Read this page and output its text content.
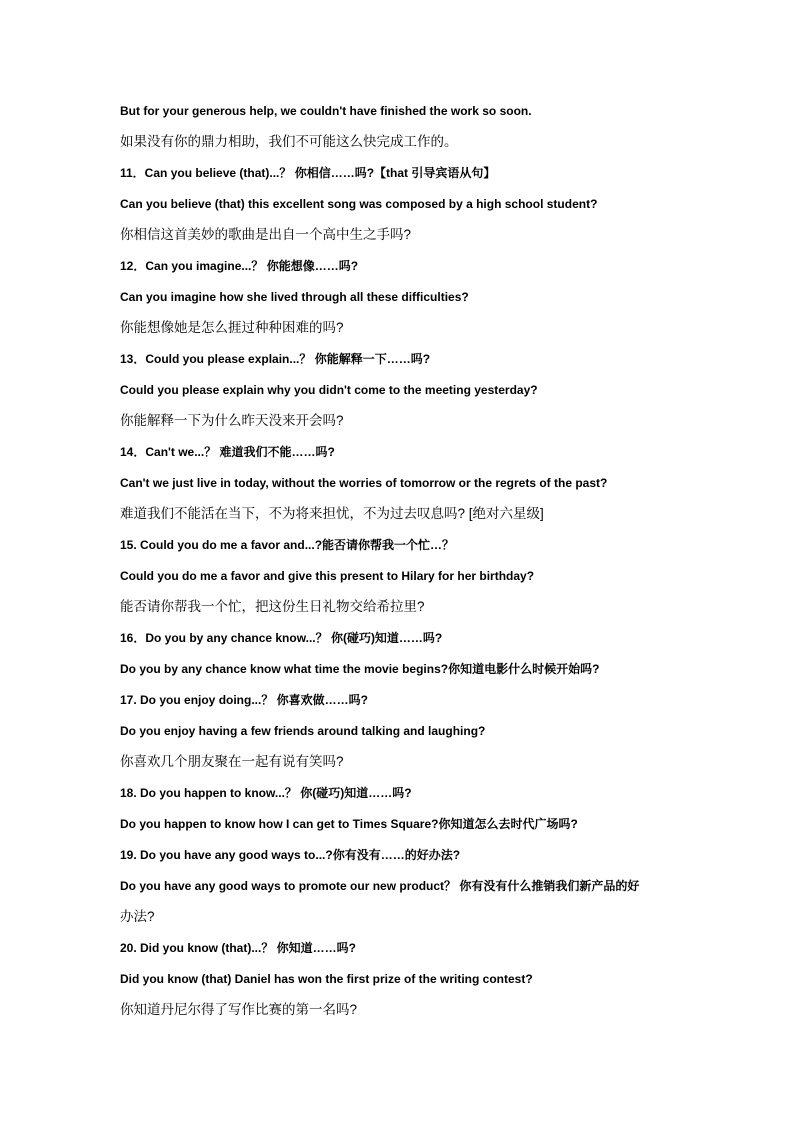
But for your generous help, we couldn't have finished the work so soon.
如果没有你的鼎力相助，我们不可能这么快完成工作的。
11．Can you believe (that)...？ 你相信……吗?【that 引导宾语从句】
Can you believe (that) this excellent song was composed by a high school student?
你相信这首美妙的歌曲是出自一个高中生之手吗?
12．Can you imagine...？ 你能想像……吗?
Can you imagine how she lived through all these difficulties?
你能想像她是怎么捱过种种困难的吗?
13．Could you please explain...？ 你能解释一下……吗?
Could you please explain why you didn't come to the meeting yesterday?
你能解释一下为什么昨天没来开会吗?
14．Can't we...？ 难道我们不能……吗?
Can't we just live in today, without the worries of tomorrow or the regrets of the past?
难道我们不能活在当下，不为将来担忧，不为过去叹息吗? [绝对六星级]
15. Could you do me a favor and...?能否请你帮我一个忙…？
Could you do me a favor and give this present to Hilary for her birthday?
能否请你帮我一个忙，把这份生日礼物交给希拉里?
16．Do you by any chance know...？ 你(碰巧)知道……吗?
Do you by any chance know what time the movie begins?你知道电影什么时候开始吗?
17. Do you enjoy doing...？ 你喜欢做……吗?
Do you enjoy having a few friends around talking and laughing?
你喜欢几个朋友聚在一起有说有笑吗?
18. Do you happen to know...？ 你(碰巧)知道……吗?
Do you happen to know how I can get to Times Square?你知道怎么去时代广场吗?
19. Do you have any good ways to...?你有没有……的好办法?
Do you have any good ways to promote our new product？ 你有没有什么推销我们新产品的好
办法?
20. Did you know (that)...？ 你知道……吗?
Did you know (that) Daniel has won the first prize of the writing contest?
你知道丹尼尔得了写作比赛的第一名吗?
